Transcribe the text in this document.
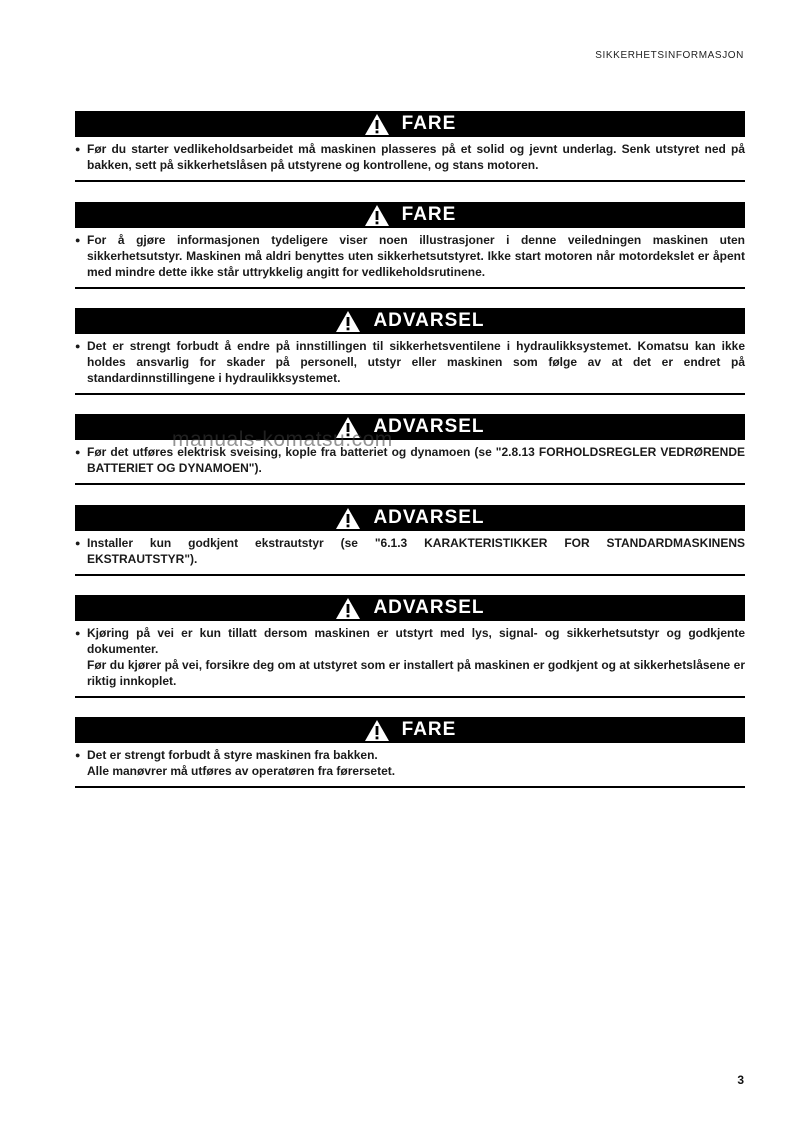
SIKKERHETSINFORMASJON
FARE
● Før du starter vedlikeholdsarbeidet må maskinen plasseres på et solid og jevnt underlag. Senk utstyret ned på bakken, sett på sikkerhetslåsen på utstyrene og kontrollene, og stans motoren.

FARE
● For å gjøre informasjonen tydeligere viser noen illustrasjoner i denne veiledningen maskinen uten sikkerhetsutstyr. Maskinen må aldri benyttes uten sikkerhetsutstyret. Ikke start motoren når motordekslet er åpent med mindre dette ikke står uttrykkelig angitt for vedlikeholdsrutinene.

ADVARSEL
● Det er strengt forbudt å endre på innstillingen til sikkerhetsventilene i hydraulikksystemet. Komatsu kan ikke holdes ansvarlig for skader på personell, utstyr eller maskinen som følge av at det er endret på standardinnstillingene i hydraulikksystemet.

ADVARSEL
● Før det utføres elektrisk sveising, kople fra batteriet og dynamoen (se "2.8.13 FORHOLDSREGLER VEDRØRENDE BATTERIET OG DYNAMOEN").

ADVARSEL
● Installer kun godkjent ekstrautstyr (se "6.1.3 KARAKTERISTIKKER FOR STANDARDMASKINENS EKSTRAUTSTYR").

ADVARSEL
● Kjøring på vei er kun tillatt dersom maskinen er utstyrt med lys, signal- og sikkerhetsutstyr og godkjente dokumenter.

Før du kjører på vei, forsikre deg om at utstyret som er installert på maskinen er godkjent og at sikkerhetslåsene er riktig innkoplet.

FARE
● Det er strengt forbudt å styre maskinen fra bakken.

Alle manøvrer må utføres av operatøren fra førersetet.

manuals-komatsu.com
3
